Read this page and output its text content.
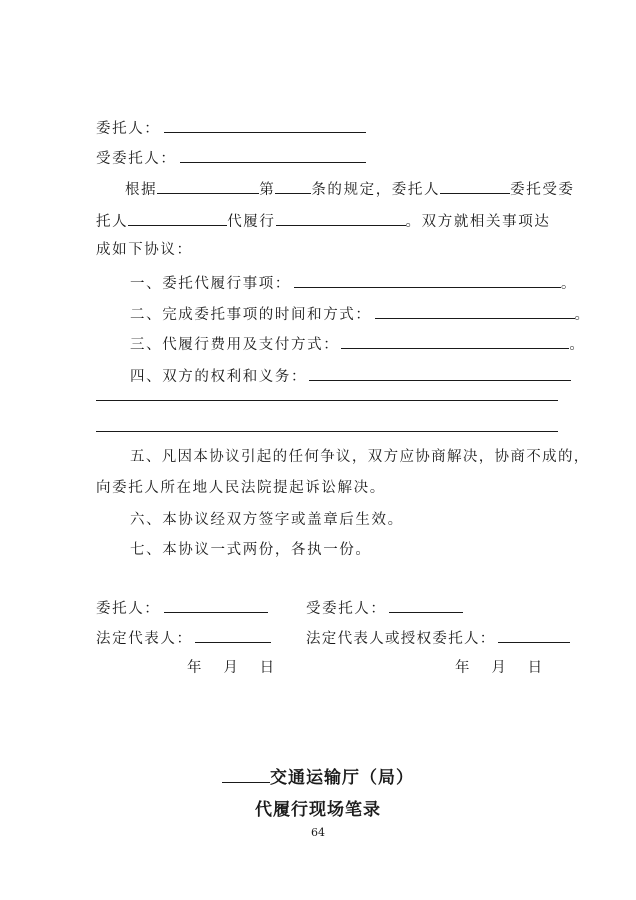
委托人：
受委托人：
根据	第 条的规定，委托人	委托受委
托人	代履行	。双方就相关事项达
成如下协议：
一、委托代履行事项：	。
二、完成委托事项的时间和方式：	。
三、代履行费用及支付方式：	。
四、双方的权利和义务：
五、凡因本协议引起的任何争议，双方应协商解决，协商不成的，
向委托人所在地人民法院提起诉讼解决。
六、本协议经双方签字或盖章后生效。
七、本协议一式两份，各执一份。
委托人：	受委托人：
法定代表人：	法定代表人或授权委托人：
年   月   日	年   月   日
交通运输厅（局）
代履行现场笔录
64
